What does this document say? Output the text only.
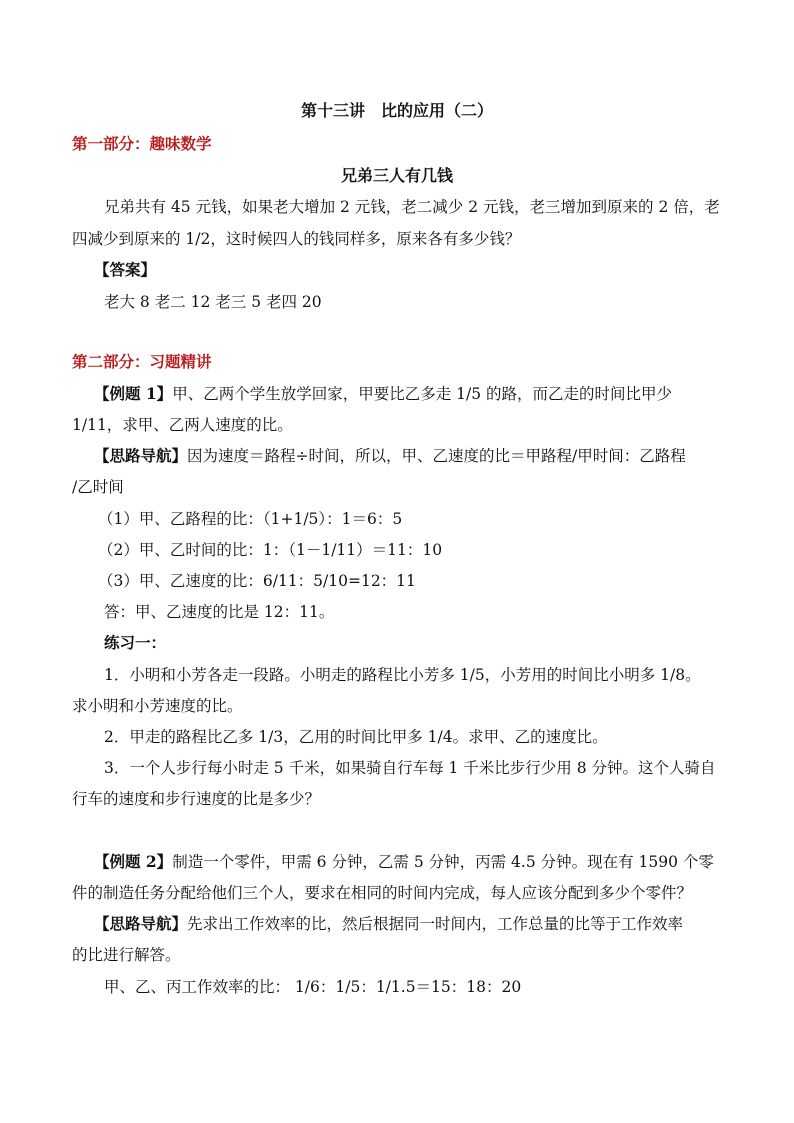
第十三讲　比的应用（二）
第一部分：趣味数学
兄弟三人有几钱
兄弟共有 45 元钱，如果老大增加 2 元钱，老二减少 2 元钱，老三增加到原来的 2 倍，老
四减少到原来的 1/2，这时候四人的钱同样多，原来各有多少钱？
【答案】
老大 8 老二 12 老三 5 老四 20
第二部分：习题精讲
【例题 1】甲、乙两个学生放学回家，甲要比乙多走 1/5 的路，而乙走的时间比甲少
1/11，求甲、乙两人速度的比。
【思路导航】因为速度＝路程÷时间，所以，甲、乙速度的比＝甲路程/甲时间：乙路程
/乙时间
（1）甲、乙路程的比：（1+1/5）：1＝6：5
（2）甲、乙时间的比：1：（1－1/11）＝11：10
（3）甲、乙速度的比：6/11：5/10=12：11
答：甲、乙速度的比是 12：11。
练习一：
1．小明和小芳各走一段路。小明走的路程比小芳多 1/5，小芳用的时间比小明多 1/8。
求小明和小芳速度的比。
2．甲走的路程比乙多 1/3，乙用的时间比甲多 1/4。求甲、乙的速度比。
3．一个人步行每小时走 5 千米，如果骑自行车每 1 千米比步行少用 8 分钟。这个人骑自
行车的速度和步行速度的比是多少？
【例题 2】制造一个零件，甲需 6 分钟，乙需 5 分钟，丙需 4.5 分钟。现在有 1590 个零
件的制造任务分配给他们三个人，要求在相同的时间内完成，每人应该分配到多少个零件？
【思路导航】先求出工作效率的比，然后根据同一时间内，工作总量的比等于工作效率
的比进行解答。
甲、乙、丙工作效率的比： 1/6：1/5：1/1.5＝15：18：20
